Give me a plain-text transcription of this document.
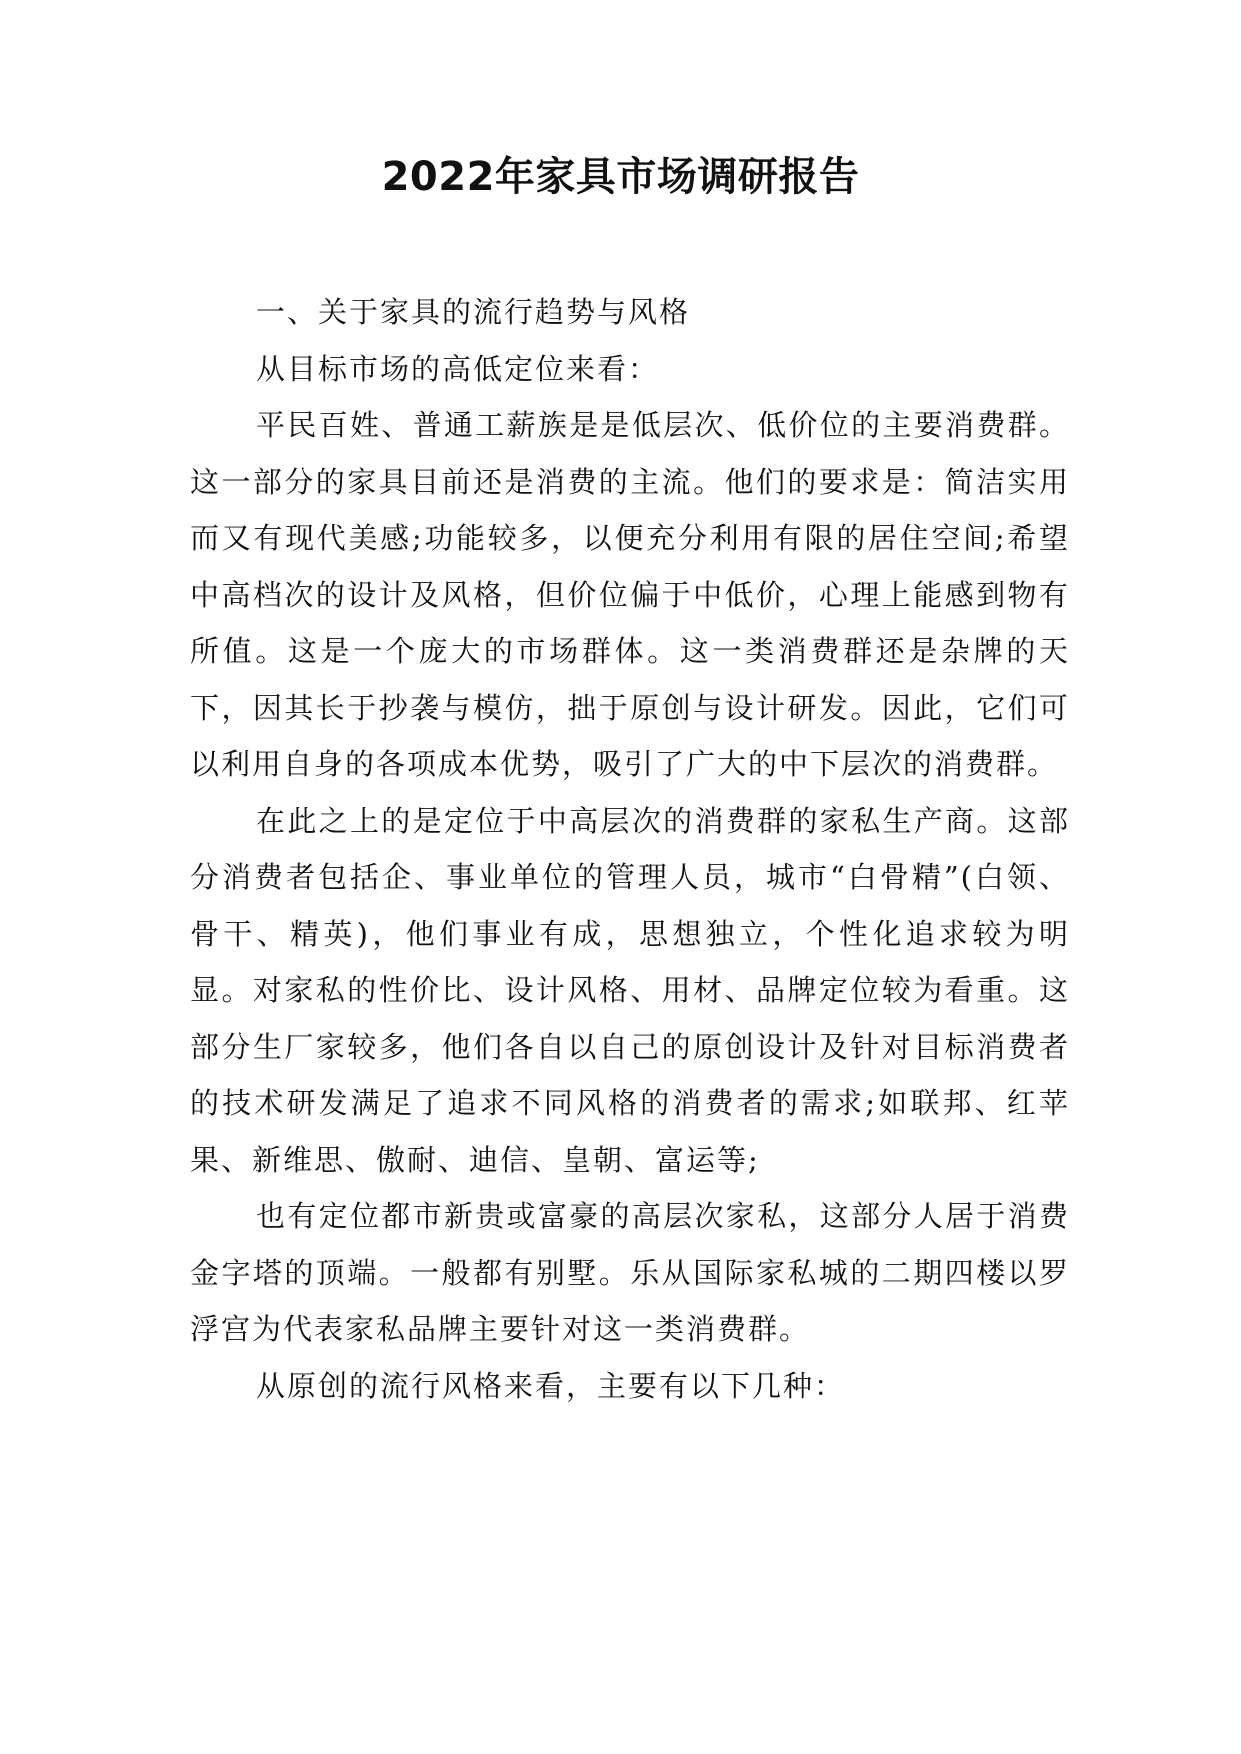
2022年家具市场调研报告

一、关于家具的流行趋势与风格

从目标市场的高低定位来看：

平民百姓、普通工薪族是是低层次、低价位的主要消费群。这一部分的家具目前还是消费的主流。他们的要求是：简洁实用而又有现代美感;功能较多，以便充分利用有限的居住空间;希望中高档次的设计及风格，但价位偏于中低价，心理上能感到物有所值。这是一个庞大的市场群体。这一类消费群还是杂牌的天下，因其长于抄袭与模仿，拙于原创与设计研发。因此，它们可以利用自身的各项成本优势，吸引了广大的中下层次的消费群。

在此之上的是定位于中高层次的消费群的家私生产商。这部分消费者包括企、事业单位的管理人员，城市“白骨精”(白领、骨干、精英)，他们事业有成，思想独立，个性化追求较为明显。对家私的性价比、设计风格、用材、品牌定位较为看重。这部分生厂家较多，他们各自以自己的原创设计及针对目标消费者的技术研发满足了追求不同风格的消费者的需求;如联邦、红苹果、新维思、傲耐、迪信、皇朝、富运等;

也有定位都市新贵或富豪的高层次家私，这部分人居于消费金字塔的顶端。一般都有别墅。乐从国际家私城的二期四楼以罗浮宫为代表家私品牌主要针对这一类消费群。

从原创的流行风格来看，主要有以下几种：
